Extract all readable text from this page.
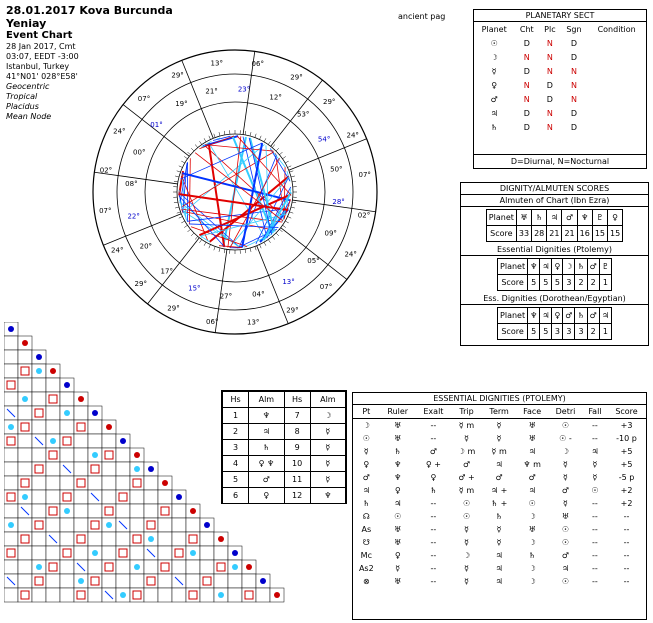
28.01.2017 Kova Burcunda Yeniay
Event Chart
28 Jan 2017, Cmt
03:07, EEDT -3:00
Istanbul, Turkey
41°N01' 028°E58'
Geocentric
Tropical
Placidus
Mean Node
ancient pag
06°
29°
29°
24°
07°
02°
24°
07°
29°
13°
06°
29°
29°
24°
07°
02°
24°
07°
29°
13°
28°
09°
05°
13°
04°
27°
15°
17°
20°
22°
08°
00°
01°
19°
21°	23°
12°
53°
54°
50°
PLANETARY SECT
Planet	Cht	Plc	Sgn	Condition
☉	D	N	D	
☽	N	N	D	
☿	D	N	N	
♀	N	D	N	
♂	N	D	N	
♃	D	N	D	
♄	D	N	D	
D=Diurnal, N=Nocturnal
DIGNITY/ALMUTEN SCORES
Almuten of Chart (Ibn Ezra)
Planet	♅	♄	♃	♂	♆	♇	♀
Score	33	28	21	21	16	15	15
Essential Dignities (Ptolemy)
Planet	♆	♃	♀	☽	♄	♂	♇
Score	5	5	5	3	2	2	1
Ess. Dignities (Dorothean/Egyptian)
Planet	♆	♃	♀	♂	♄	♂	♃
Score	5	5	3	3	3	2	1
Hs	Alm	Hs	Alm
1	♆	7	☽
2	♃	8	☿
3	♄	9	☿
4	♀ ♆	10	☿
5	♂	11	☿
6	♀	12	♆
ESSENTIAL DIGNITIES (PTOLEMY)
Pt	Ruler	Exalt	Trip	Term	Face	Detri	Fall	Score
☽	♅	--	☿ m	☿	♅	☉	--	+3
☉	♅	--	☿	☿	♅	☉ -	--	-10 p
☿	♄	♂	☽ m	☿ m	♃	☽	♃	+5
♀	♆	♀ +	♂	♃	♆ m	☿	☿	+5
♂	♆	♀	♂ +	♂	♂	☿	☿	-5 p
♃	♀	♄	☿ m	♃ +	♃	♂	☉	+2
♄	♃	--	☉	♄ +	☉	☿	--	+2
☊	☉	--	☉	♄	☽	♅	--	--
As	♅	--	☿	☿	♅	☉	--	--
☋	♅	--	☿	☿	☽	☉	--	--
Mc	♀	--	☽	♃	♄	♂	--	--
As2	☿	--	☿	♃	☽	♃	--	--
⊗	♅	--	☿	♃	☽	☉	--	--
